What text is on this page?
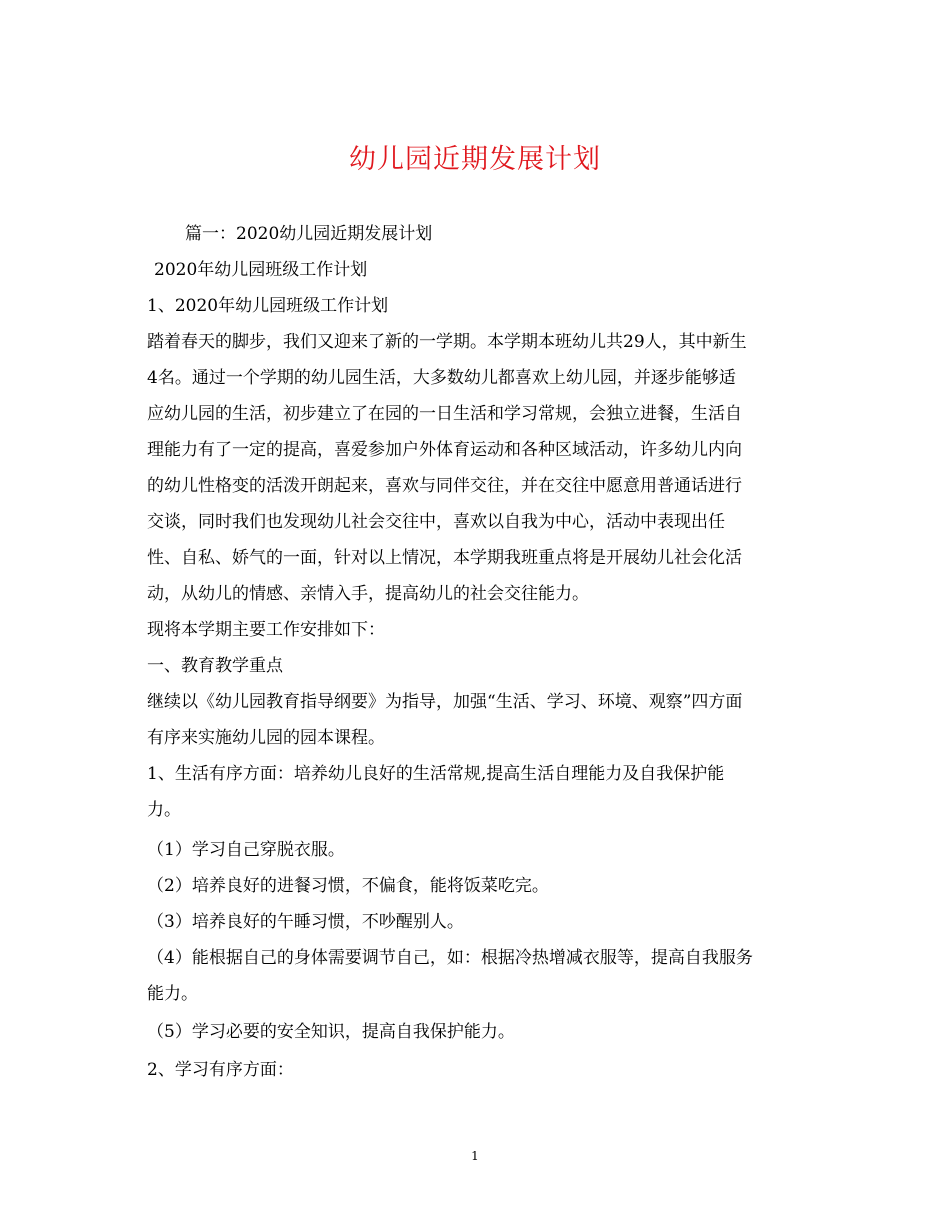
幼儿园近期发展计划
篇一：2020幼儿园近期发展计划
2020年幼儿园班级工作计划
1、2020年幼儿园班级工作计划
踏着春天的脚步，我们又迎来了新的一学期。本学期本班幼儿共29人，其中新生
4名。通过一个学期的幼儿园生活，大多数幼儿都喜欢上幼儿园，并逐步能够适
应幼儿园的生活，初步建立了在园的一日生活和学习常规，会独立进餐，生活自
理能力有了一定的提高，喜爱参加户外体育运动和各种区域活动，许多幼儿内向
的幼儿性格变的活泼开朗起来，喜欢与同伴交往，并在交往中愿意用普通话进行
交谈，同时我们也发现幼儿社会交往中，喜欢以自我为中心，活动中表现出任
性、自私、娇气的一面，针对以上情况，本学期我班重点将是开展幼儿社会化活
动，从幼儿的情感、亲情入手，提高幼儿的社会交往能力。
现将本学期主要工作安排如下：
一、教育教学重点
继续以《幼儿园教育指导纲要》为指导，加强“生活、学习、环境、观察”四方面
有序来实施幼儿园的园本课程。
1、生活有序方面：培养幼儿良好的生活常规,提高生活自理能力及自我保护能
力。
（1）学习自己穿脱衣服。
（2）培养良好的进餐习惯，不偏食，能将饭菜吃完。
（3）培养良好的午睡习惯，不吵醒别人。
（4）能根据自己的身体需要调节自己，如：根据冷热增减衣服等，提高自我服务
能力。
（5）学习必要的安全知识，提高自我保护能力。
2、学习有序方面：
1
